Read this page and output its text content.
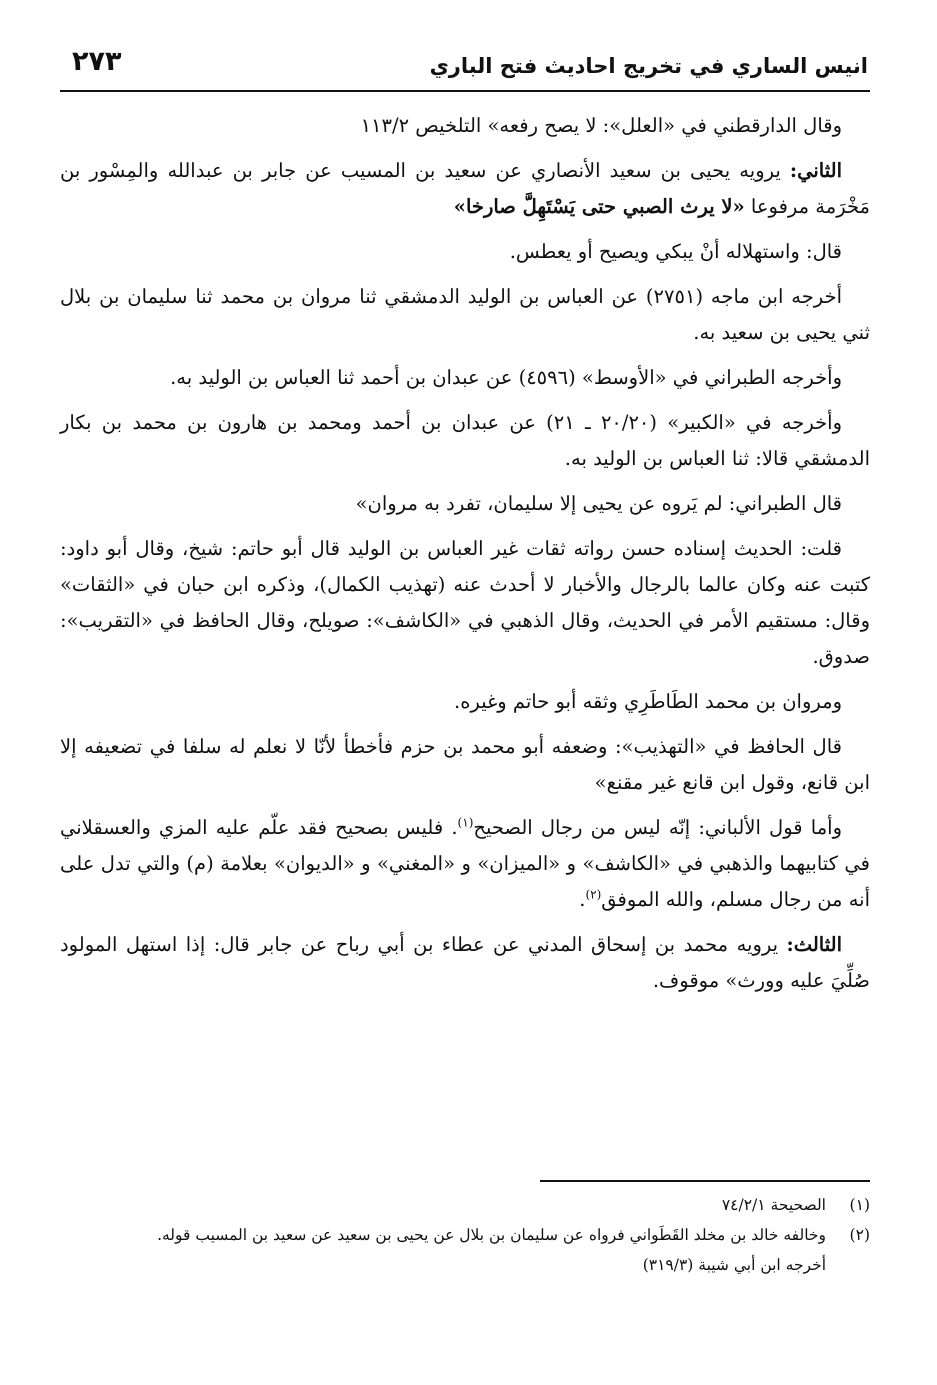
انيس الساري في تخريج احاديث فتح الباري
٢٧٣

وقال الدارقطني في «العلل»: لا يصح رفعه» التلخيص ١١٣/٢

الثاني: يرويه يحيى بن سعيد الأنصاري عن سعيد بن المسيب عن جابر بن عبدالله والمِسْور بن مَخْرَمة مرفوعا «لا يرث الصبي حتى يَسْتَهِلَّ صارخا»

قال: واستهلاله أنْ يبكي ويصيح أو يعطس.

أخرجه ابن ماجه (٢٧٥١) عن العباس بن الوليد الدمشقي ثنا مروان بن محمد ثنا سليمان بن بلال ثني يحيى بن سعيد به.

وأخرجه الطبراني في «الأوسط» (٤٥٩٦) عن عبدان بن أحمد ثنا العباس بن الوليد به.

وأخرجه في «الكبير» (٢٠/٢٠ ـ ٢١) عن عبدان بن أحمد ومحمد بن هارون بن محمد بن بكار الدمشقي قالا: ثنا العباس بن الوليد به.

قال الطبراني: لم يَروه عن يحيى إلا سليمان، تفرد به مروان»

قلت: الحديث إسناده حسن رواته ثقات غير العباس بن الوليد قال أبو حاتم: شيخ، وقال أبو داود: كتبت عنه وكان عالما بالرجال والأخبار لا أحدث عنه (تهذيب الكمال)، وذكره ابن حبان في «الثقات» وقال: مستقيم الأمر في الحديث، وقال الذهبي في «الكاشف»: صويلح، وقال الحافظ في «التقريب»: صدوق.

ومروان بن محمد الطَاطَرِي وثقه أبو حاتم وغيره.

قال الحافظ في «التهذيب»: وضعفه أبو محمد بن حزم فأخطأ لأنّا لا نعلم له سلفا في تضعيفه إلا ابن قانع، وقول ابن قانع غير مقنع»

وأما قول الألباني: إنّه ليس من رجال الصحيح$^{(١)}$. فليس بصحيح فقد علّم عليه المزي والعسقلاني في كتابيهما والذهبي في «الكاشف» و «الميزان» و «المغني» و «الديوان» بعلامة (م) والتي تدل على أنه من رجال مسلم، والله الموفق$^{(٢)}$.

الثالث: يرويه محمد بن إسحاق المدني عن عطاء بن أبي رباح عن جابر قال: إذا استهل المولود صُلِّيَ عليه وورث» موقوف.

(١)
الصحيحة ٧٤/٢/١
(٢)
وخالفه خالد بن مخلد القَطَواني فرواه عن سليمان بن بلال عن يحيى بن سعيد عن سعيد بن المسيب قوله.

أخرجه ابن أبي شيبة (٣١٩/٣)
